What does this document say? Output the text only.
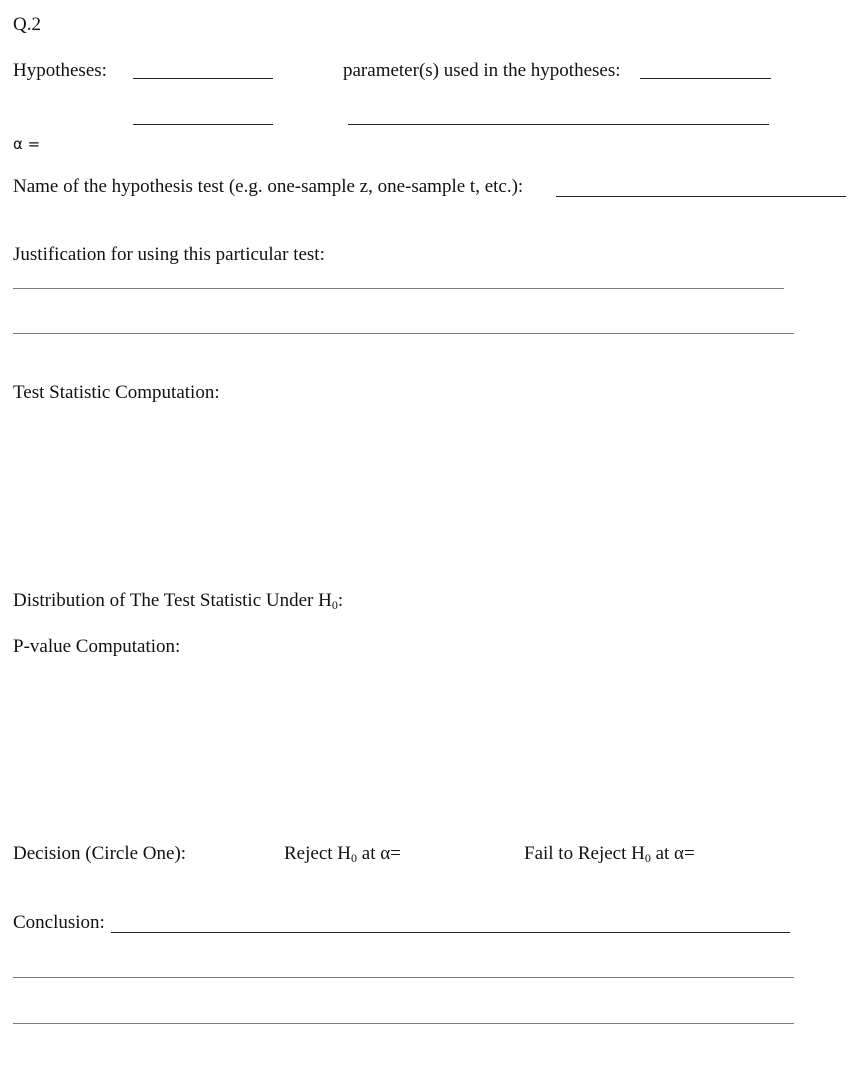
Q.2
Hypotheses:	parameter(s) used in the hypotheses:
α =
Name of the hypothesis test (e.g. one-sample z, one-sample t, etc.):
Justification for using this particular test:
Test Statistic Computation:
Distribution of The Test Statistic Under $H_0$:
P-value Computation:
Decision (Circle One):	Reject $H_0$ at α=	Fail to Reject $H_0$ at α=
Conclusion:
